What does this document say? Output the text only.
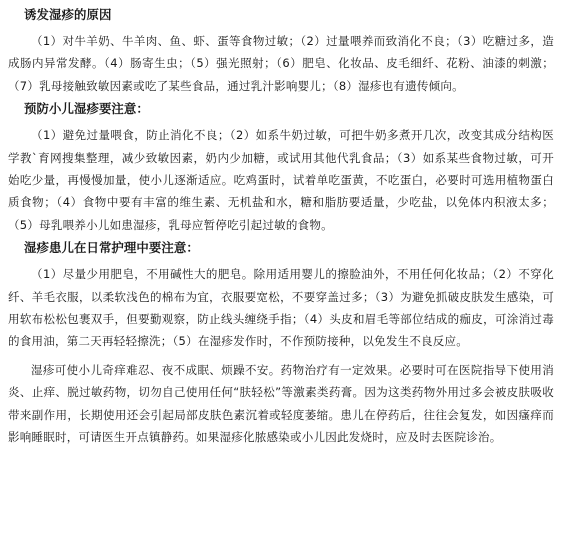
诱发湿疹的原因

（1）对牛羊奶、牛羊肉、鱼、虾、蛋等食物过敏；（2）过量喂养而致消化不良；（3）吃糖过多，造成肠内异常发酵。（4）肠寄生虫；（5）强光照射；（6）肥皂、化妆品、皮毛细纤、花粉、油漆的刺激；（7）乳母接触致敏因素或吃了某些食品，通过乳汁影响婴儿；（8）湿疹也有遗传倾向。

预防小儿湿疹要注意：

（1）避免过量喂食，防止消化不良；（2）如系牛奶过敏，可把牛奶多煮开几次，改变其成分结构医学教`育网搜集整理，减少致敏因素，奶内少加糖，或试用其他代乳食品；（3）如系某些食物过敏，可开始吃少量，再慢慢加量，使小儿逐渐适应。吃鸡蛋时，试着单吃蛋黄，不吃蛋白，必要时可选用植物蛋白质食物；（4）食物中要有丰富的维生素、无机盐和水，糖和脂肪要适量，少吃盐，以免体内积液太多；（5）母乳喂养小儿如患湿疹，乳母应暂停吃引起过敏的食物。

湿疹患儿在日常护理中要注意：

（1）尽量少用肥皂，不用碱性大的肥皂。除用适用婴儿的擦脸油外，不用任何化妆品；（2）不穿化纤、羊毛衣服，以柔软浅色的棉布为宜，衣服要宽松，不要穿盖过多；（3）为避免抓破皮肤发生感染，可用软布松松包裹双手，但要勤观察，防止线头缠绕手指；（4）头皮和眉毛等部位结成的痂皮，可涂消过毒的食用油，第二天再轻轻擦洗；（5）在湿疹发作时，不作预防接种，以免发生不良反应。

湿疹可使小儿奇痒难忍、夜不成眠、烦躁不安。药物治疗有一定效果。必要时可在医院指导下使用消炎、止痒、脱过敏药物，切勿自己使用任何“肤轻松”等激素类药膏。因为这类药物外用过多会被皮肤吸收带来副作用，长期使用还会引起局部皮肤色素沉着或轻度萎缩。患儿在停药后，往往会复发，如因瘙痒而影响睡眠时，可请医生开点镇静药。如果湿疹化脓感染或小儿因此发烧时，应及时去医院诊治。
